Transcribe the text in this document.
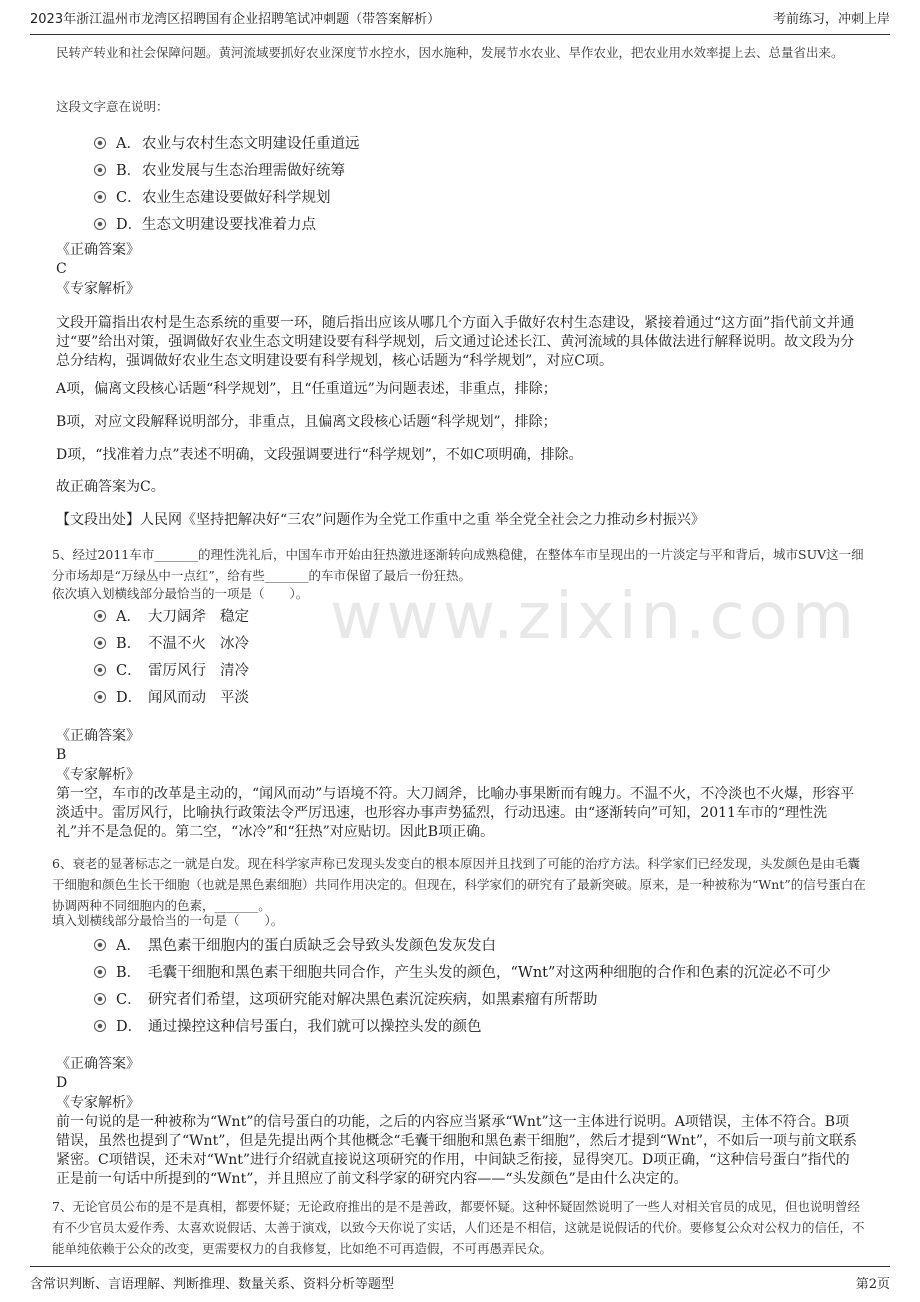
2023年浙江温州市龙湾区招聘国有企业招聘笔试冲刺题（带答案解析）	考前练习，冲刺上岸
www.zixin.com

民转产转业和社会保障问题。黄河流域要抓好农业深度节水控水，因水施种，发展节水农业、旱作农业，把农业用水效率提上去、总量省出来。

这段文字意在说明：

A． 农业与农村生态文明建设任重道远
B． 农业发展与生态治理需做好统筹
C． 农业生态建设要做好科学规划
D． 生态文明建设要找准着力点

《正确答案》

C

《专家解析》

文段开篇指出农村是生态系统的重要一环，随后指出应该从哪几个方面入手做好农村生态建设，紧接着通过“这方面”指代前文并通过“要”给出对策，强调做好农业生态文明建设要有科学规划，后文通过论述长江、黄河流域的具体做法进行解释说明。故文段为分总分结构，强调做好农业生态文明建设要有科学规划，核心话题为“科学规划”，对应C项。

A项，偏离文段核心话题“科学规划”，且“任重道远”为问题表述，非重点，排除；

B项，对应文段解释说明部分，非重点，且偏离文段核心话题“科学规划”，排除；

D项，“找准着力点”表述不明确，文段强调要进行“科学规划”，不如C项明确，排除。

故正确答案为C。

【文段出处】人民网《坚持把解决好“三农”问题作为全党工作重中之重 举全党全社会之力推动乡村振兴》

5、经过2011车市_______的理性洗礼后，中国车市开始由狂热激进逐渐转向成熟稳健，在整体车市呈现出的一片淡定与平和背后，城市SUV这一细分市场却是“万绿丛中一点红”，给有些_______的车市保留了最后一份狂热。

依次填入划横线部分最恰当的一项是（　　）。

A． 大刀阔斧 稳定
B． 不温不火 冰冷
C． 雷厉风行 清冷
D． 闻风而动 平淡

《正确答案》

B

《专家解析》

第一空，车市的改革是主动的，“闻风而动”与语境不符。大刀阔斧，比喻办事果断而有魄力。不温不火，不冷淡也不火爆，形容平淡适中。雷厉风行，比喻执行政策法令严厉迅速，也形容办事声势猛烈，行动迅速。由“逐渐转向”可知，2011车市的“理性洗礼”并不是急促的。第二空，“冰冷”和“狂热”对应贴切。因此B项正确。

6、衰老的显著标志之一就是白发。现在科学家声称已发现头发变白的根本原因并且找到了可能的治疗方法。科学家们已经发现，头发颜色是由毛囊干细胞和颜色生长干细胞（也就是黑色素细胞）共同作用决定的。但现在，科学家们的研究有了最新突破。原来，是一种被称为“Wnt”的信号蛋白在协调两种不同细胞内的色素，_______。

填入划横线部分最恰当的一句是（　　）。

A． 黑色素干细胞内的蛋白质缺乏会导致头发颜色发灰发白
B． 毛囊干细胞和黑色素干细胞共同合作，产生头发的颜色，“Wnt”对这两种细胞的合作和色素的沉淀必不可少
C． 研究者们希望，这项研究能对解决黑色素沉淀疾病，如黑素瘤有所帮助
D． 通过操控这种信号蛋白，我们就可以操控头发的颜色

《正确答案》

D

《专家解析》

前一句说的是一种被称为“Wnt”的信号蛋白的功能，之后的内容应当紧承“Wnt”这一主体进行说明。A项错误，主体不符合。B项错误，虽然也提到了“Wnt”，但是先提出两个其他概念“毛囊干细胞和黑色素干细胞”，然后才提到“Wnt”，不如后一项与前文联系紧密。C项错误，还未对“Wnt”进行介绍就直接说这项研究的作用，中间缺乏衔接，显得突兀。D项正确，“这种信号蛋白”指代的正是前一句话中所提到的“Wnt”，并且照应了前文科学家的研究内容——“头发颜色”是由什么决定的。

7、无论官员公布的是不是真相，都要怀疑；无论政府推出的是不是善政，都要怀疑。这种怀疑固然说明了一些人对相关官员的成见，但也说明曾经有不少官员太爱作秀、太喜欢说假话、太善于演戏，以致今天你说了实话，人们还是不相信，这就是说假话的代价。要修复公众对公权力的信任，不能单纯依赖于公众的改变，更需要权力的自我修复，比如绝不可再造假，不可再愚弄民众。

含常识判断、言语理解、判断推理、数量关系、资料分析等题型	第2页
